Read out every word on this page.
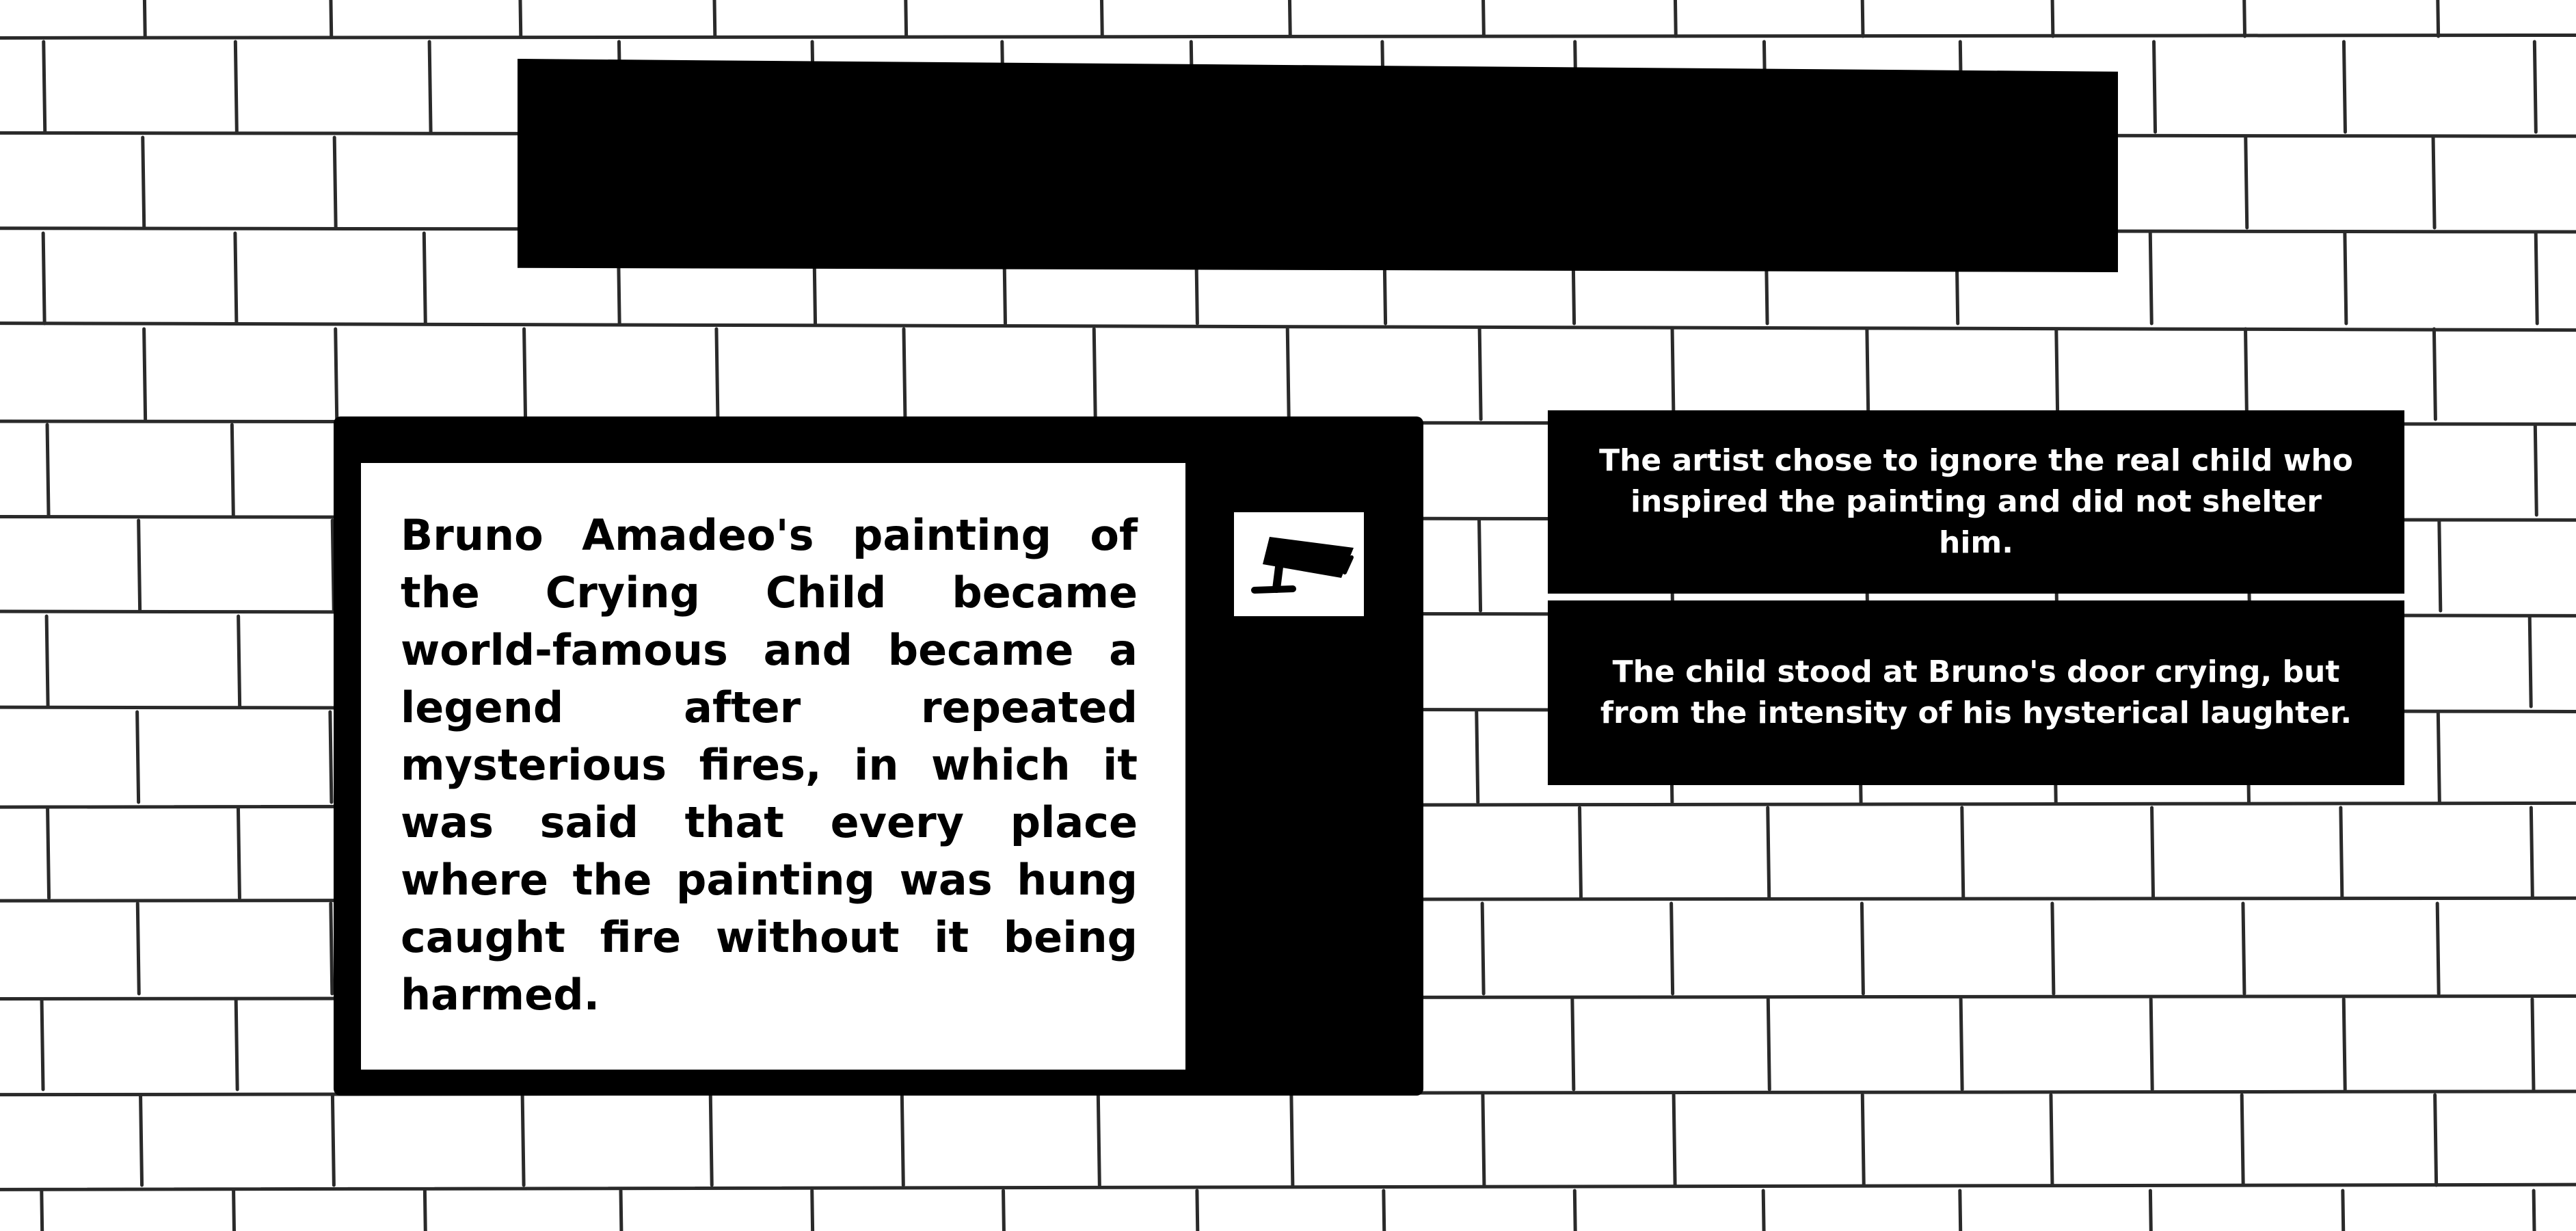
Bruno Amadeo's painting of the Crying Child became world-famous and became a legend after repeated mysterious fires, in which it was said that every place where the painting was hung caught fire without it being harmed.

The artist chose to ignore the real child who inspired the painting and did not shelter him.
The child stood at Bruno's door crying, but from the intensity of his hysterical laughter.
